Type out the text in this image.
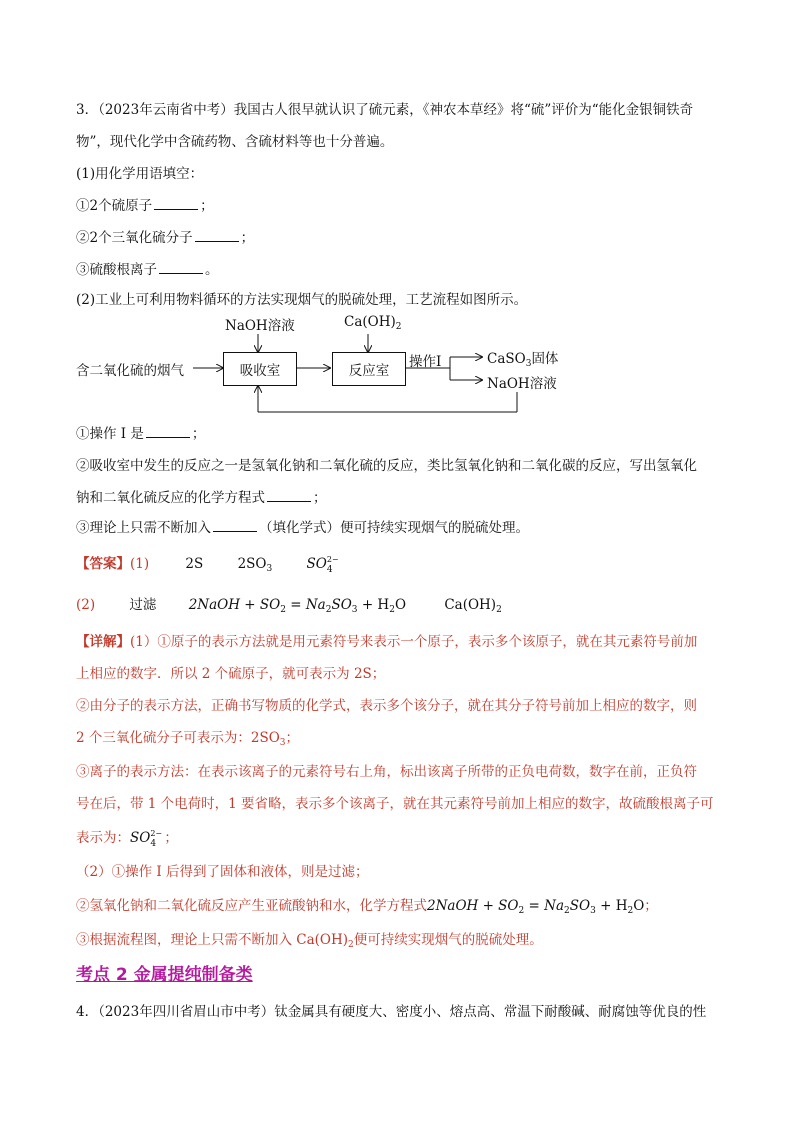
3．（2023年云南省中考）我国古人很早就认识了硫元素，《神农本草经》将“硫”评价为“能化金银铜铁奇
物”，现代化学中含硫药物、含硫材料等也十分普遍。
(1)用化学用语填空：
①2个硫原子	；
②2个三氧化硫分子	；
③硫酸根离子	。
(2)工业上可利用物料循环的方法实现烟气的脱硫处理，工艺流程如图所示。
NaOH溶液	$Ca(OH)_2$
含二氧化硫的烟气	吸收室	反应室
操作I	CaSO$_3$固体
NaOH溶液
①操作 I 是	；
②吸收室中发生的反应之一是氢氧化钠和二氧化硫的反应，类比氢氧化钠和二氧化碳的反应，写出氢氧化
钠和二氧化硫反应的化学方程式	；
③理论上只需不断加入	（填化学式）便可持续实现烟气的脱硫处理。
【答案】(1)	2S	$2SO_3$	SO 2−
4
(2)	过滤 2NaOH + $SO_2 = Na_2SO_3 + H_2O$	$Ca(OH)_2$
【详解】(1）①原子的表示方法就是用元素符号来表示一个原子，表示多个该原子，就在其元素符号前加
上相应的数字．所以 2 个硫原子，就可表示为 2S；
②由分子的表示方法，正确书写物质的化学式，表示多个该分子，就在其分子符号前加上相应的数字，则
2 个三氧化硫分子可表示为：$2SO_3$；
③离子的表示方法：在表示该离子的元素符号右上角，标出该离子所带的正负电荷数，数字在前，正负符
号在后，带 1 个电荷时，1 要省略，表示多个该离子，就在其元素符号前加上相应的数字，故硫酸根离子可
表示为：SO 2−
4 ；
（2）①操作 I 后得到了固体和液体，则是过滤；
②氢氧化钠和二氧化硫反应产生亚硫酸钠和水，化学方程式2NaOH + $SO_2 = Na_2SO_3 + H_2O$；
③根据流程图，理论上只需不断加入 $Ca(OH)_2$便可持续实现烟气的脱硫处理。
考点 2 金属提纯制备类
4．（2023年四川省眉山市中考）钛金属具有硬度大、密度小、熔点高、常温下耐酸碱、耐腐蚀等优良的性
